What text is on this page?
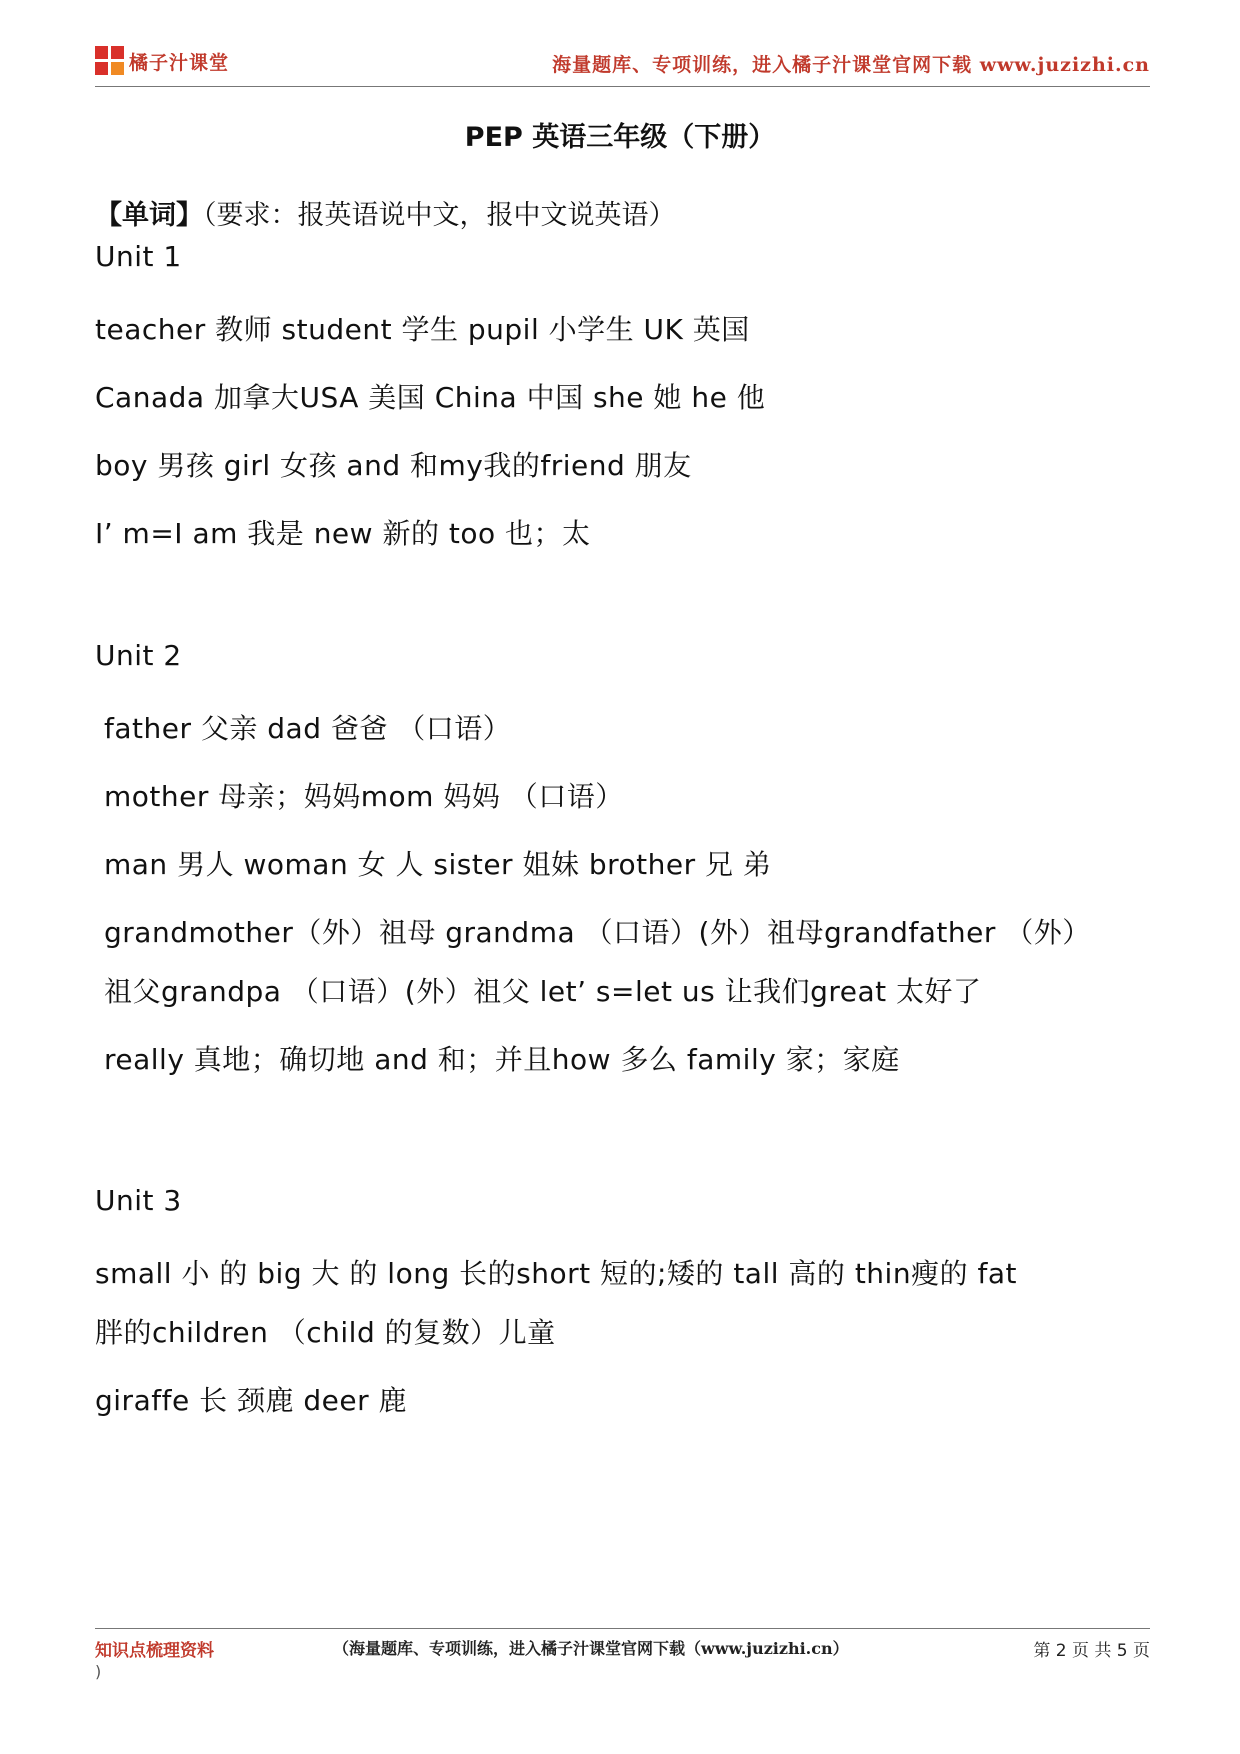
橘子汁课堂	海量题库、专项训练，进入橘子汁课堂官网下载 www.juzizhi.cn
PEP 英语三年级（下册）
【单词】（要求：报英语说中文，报中文说英语）
Unit 1
teacher 教师 student 学生 pupil 小学生 UK 英国
Canada 加拿大USA 美国 China 中国 she 她 he 他
boy 男孩 girl 女孩 and 和my我的friend 朋友
I’ m=I am 我是 new 新的 too 也；太
Unit 2
father 父亲 dad 爸爸 （口语）
mother 母亲；妈妈mom 妈妈 （口语）
man 男人 woman 女 人 sister 姐妹 brother 兄 弟
grandmother（外）祖母 grandma （口语）(外）祖母grandfather （外）
祖父grandpa （口语）(外）祖父 let’ s=let us 让我们great 太好了
really 真地；确切地 and 和；并且how 多么 family 家；家庭
Unit 3
small 小 的 big 大 的 long 长的short 短的;矮的 tall 高的 thin瘦的 fat
胖的children （child 的复数）儿童
giraffe 长 颈鹿 deer 鹿
知识点梳理资料
)
（海量题库、专项训练，进入橘子汁课堂官网下载（www.juzizhi.cn）	第 2 页 共 5 页
